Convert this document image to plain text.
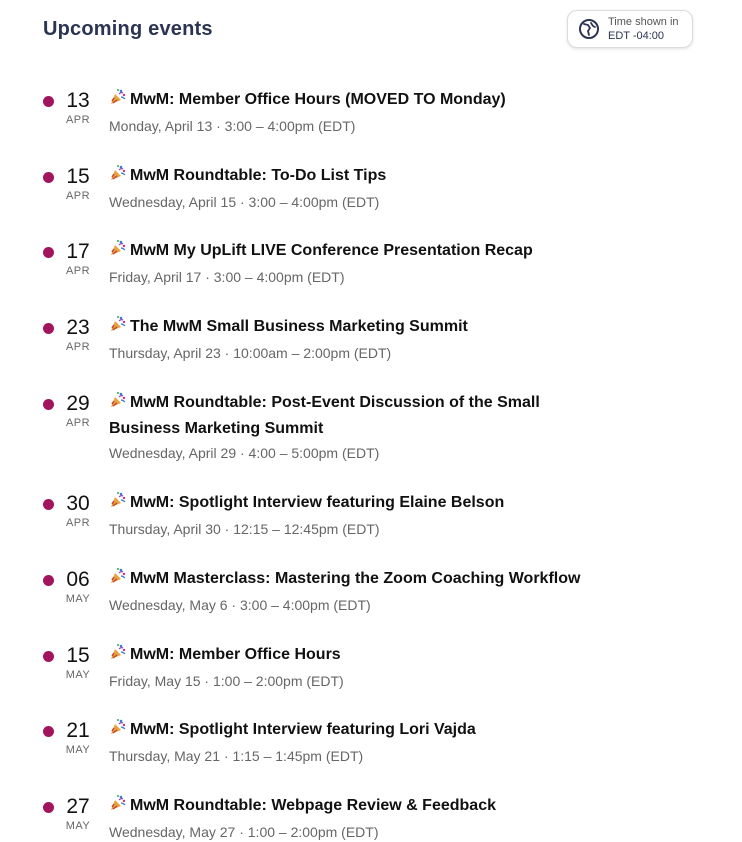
Upcoming events	Time shown in
EDT -04:00
13
APR
MwM: Member Office Hours (MOVED TO Monday)
Monday, April 13 · 3:00 – 4:00pm (EDT)
15
APR
MwM Roundtable: To-Do List Tips
Wednesday, April 15 · 3:00 – 4:00pm (EDT)
17
APR
MwM My UpLift LIVE Conference Presentation Recap
Friday, April 17 · 3:00 – 4:00pm (EDT)
23
APR
The MwM Small Business Marketing Summit
Thursday, April 23 · 10:00am – 2:00pm (EDT)
29
APR
MwM Roundtable: Post-Event Discussion of the Small Business Marketing Summit
Wednesday, April 29 · 4:00 – 5:00pm (EDT)
30
APR
MwM: Spotlight Interview featuring Elaine Belson
Thursday, April 30 · 12:15 – 12:45pm (EDT)
06
MAY
MwM Masterclass: Mastering the Zoom Coaching Workflow
Wednesday, May 6 · 3:00 – 4:00pm (EDT)
15
MAY
MwM: Member Office Hours
Friday, May 15 · 1:00 – 2:00pm (EDT)
21
MAY
MwM: Spotlight Interview featuring Lori Vajda
Thursday, May 21 · 1:15 – 1:45pm (EDT)
27
MAY
MwM Roundtable: Webpage Review & Feedback
Wednesday, May 27 · 1:00 – 2:00pm (EDT)
